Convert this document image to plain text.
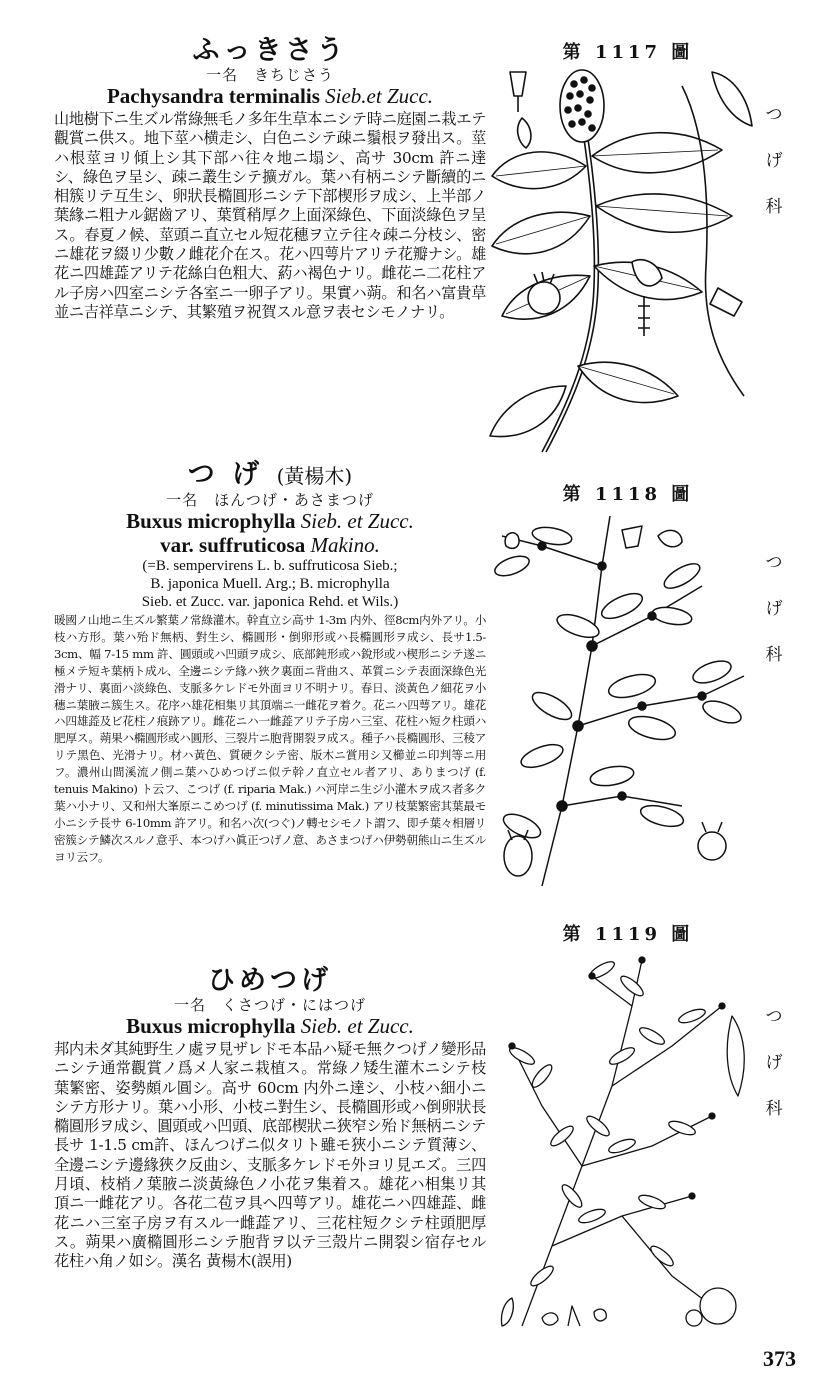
ふっきさう
一名　きちじさう
Pachysandra terminalis Sieb.et Zucc.
山地樹下ニ生ズル常綠無毛ノ多年生草本ニシテ時ニ庭園ニ栽エテ觀賞ニ供ス。地下莖ハ横走シ、白色ニシテ疎ニ鬚根ヲ發出ス。莖ハ根莖ヨリ傾上シ其下部ハ往々地ニ塌シ、高サ 30cm 許ニ達シ、綠色ヲ呈シ、疎ニ叢生シテ擴ガル。葉ハ有柄ニシテ斷續的ニ相簇リテ互生シ、卵狀長橢圓形ニシテ下部楔形ヲ成シ、上半部ノ葉緣ニ粗ナル鋸齒アリ、葉質稍厚ク上面深綠色、下面淡綠色ヲ呈ス。春夏ノ候、莖頭ニ直立セル短花穗ヲ立テ往々疎ニ分枝シ、密ニ雄花ヲ綴リ少數ノ雌花介在ス。花ハ四萼片アリテ花瓣ナシ。雄花ニ四雄蕋アリテ花絲白色粗大、葯ハ褐色ナリ。雌花ニ二花柱アル子房ハ四室ニシテ各室ニ一卵子アリ。果實ハ蒴。和名ハ富貴草並ニ吉祥草ニシテ、其繁殖ヲ祝賀スル意ヲ表セシモノナリ。
つ げ (黃楊木)
一名　ほんつげ・あさまつげ
Buxus microphylla Sieb. et Zucc.
var. suffruticosa Makino.
(=B. sempervirens L. b. suffruticosa Sieb.;
B. japonica Muell. Arg.; B. microphylla
Sieb. et Zucc. var. japonica Rehd. et Wils.)
暖國ノ山地ニ生ズル繁葉ノ常綠灌木。幹直立シ高サ 1-3m 内外、徑8cm内外アリ。小枝ハ方形。葉ハ殆ド無柄、對生シ、橢圓形・倒卵形或ハ長橢圓形ヲ成シ、長サ1.5-3cm、幅 7-15 mm 許、圓頭或ハ凹頭ヲ成シ、底部鈍形或ハ銳形或ハ楔形ニシテ遂ニ極メテ短キ葉柄ト成ル、全邊ニシテ緣ハ狹ク裏面ニ背曲ス、革質ニシテ表面深綠色光滑ナリ、裏面ハ淡綠色、支脈多ケレドモ外面ヨリ不明ナリ。春日、淡黃色ノ細花ヲ小穗ニ葉腋ニ簇生ス。花序ハ雄花相集リ其頂端ニ一雌花ヲ着ク。花ニハ四萼アリ。雄花ハ四雄蕋及ビ花柱ノ痕跡アリ。雌花ニハ一雌蕋アリテ子房ハ三室、花柱ハ短ク柱頭ハ肥厚ス。蒴果ハ橢圓形或ハ圓形、三裂片ニ胞背開裂ヲ成ス。種子ハ長橢圓形、三稜アリテ黑色、光滑ナリ。材ハ黃色、質硬クシテ密、版木ニ賞用シ又櫛並ニ印判等ニ用フ。濃州山間溪流ノ側ニ葉ハひめつげニ似テ幹ノ直立セル者アリ、ありまつげ (f. tenuis Makino) ト云フ、こつげ (f. riparia Mak.) ハ河岸ニ生ジ小灌木ヲ成ス者多ク葉ハ小ナリ、又和州大峯原ニこめつげ (f. minutissima Mak.) アリ枝葉繁密其葉最モ小ニシテ長サ 6-10mm 許アリ。和名ハ次(つぐ)ノ轉セシモノト謂フ、即チ葉々相層リ密簇シテ鱗次スルノ意乎、本つげハ眞正つげノ意、あさまつげハ伊勢朝熊山ニ生ズルヨリ云フ。
ひめつげ
一名　くさつげ・にはつげ
Buxus microphylla Sieb. et Zucc.
邦内未ダ其純野生ノ處ヲ見ザレドモ本品ハ疑モ無クつげノ變形品ニシテ通常觀賞ノ爲メ人家ニ栽植ス。常綠ノ矮生灌木ニシテ枝葉繁密、姿勢頗ル圓シ。高サ 60cm 内外ニ達シ、小枝ハ細小ニシテ方形ナリ。葉ハ小形、小枝ニ對生シ、長橢圓形或ハ倒卵狀長橢圓形ヲ成シ、圓頭或ハ凹頭、底部楔狀ニ狹窄シ殆ド無柄ニシテ長サ 1-1.5 cm許、ほんつげニ似タリト雖モ狹小ニシテ質薄シ、全邊ニシテ邊緣狹ク反曲シ、支脈多ケレドモ外ヨリ見エズ。三四月頃、枝梢ノ葉腋ニ淡黃綠色ノ小花ヲ集着ス。雄花ハ相集リ其頂ニ一雌花アリ。各花二苞ヲ具ヘ四萼アリ。雄花ニハ四雄蕋、雌花ニハ三室子房ヲ有スル一雌蕋アリ、三花柱短クシテ柱頭肥厚ス。蒴果ハ廣橢圓形ニシテ胞背ヲ以テ三殼片ニ開裂シ宿存セル花柱ハ角ノ如シ。漢名 黃楊木(誤用)
第 1117 圖
第 1118 圖
第 1119 圖
つ
げ
科
つ
げ
科
つ
げ
科
373
